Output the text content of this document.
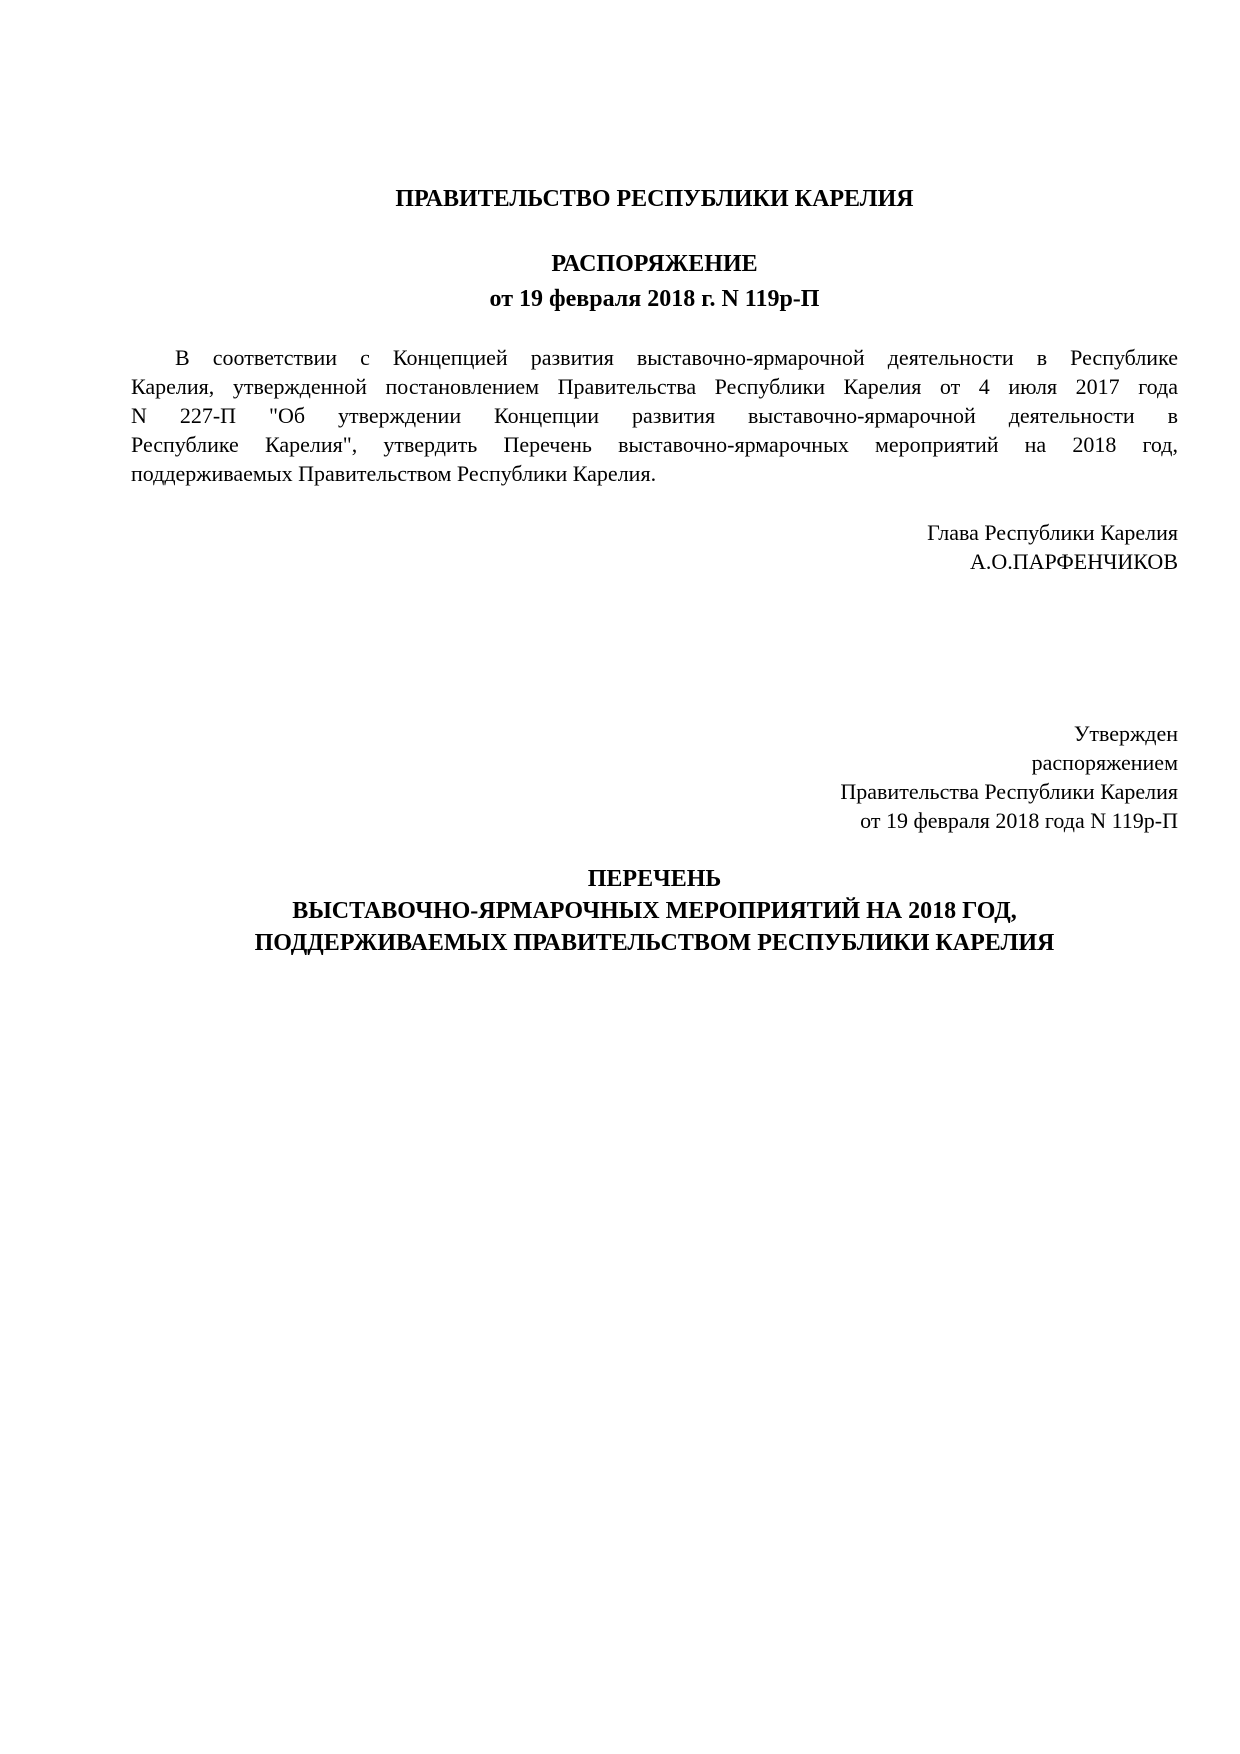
ПРАВИТЕЛЬСТВО РЕСПУБЛИКИ КАРЕЛИЯ
РАСПОРЯЖЕНИЕ
от 19 февраля 2018 г. N 119р-П
В соответствии с Концепцией развития выставочно-ярмарочной деятельности в Республике
Карелия, утвержденной постановлением Правительства Республики Карелия от 4 июля 2017 года
N 227-П "Об утверждении Концепции развития выставочно-ярмарочной деятельности в
Республике Карелия", утвердить Перечень выставочно-ярмарочных мероприятий на 2018 год,
поддерживаемых Правительством Республики Карелия.
Глава Республики Карелия
А.О.ПАРФЕНЧИКОВ
Утвержден
распоряжением
Правительства Республики Карелия
от 19 февраля 2018 года N 119р-П
ПЕРЕЧЕНЬ
ВЫСТАВОЧНО-ЯРМАРОЧНЫХ МЕРОПРИЯТИЙ НА 2018 ГОД,
ПОДДЕРЖИВАЕМЫХ ПРАВИТЕЛЬСТВОМ РЕСПУБЛИКИ КАРЕЛИЯ
